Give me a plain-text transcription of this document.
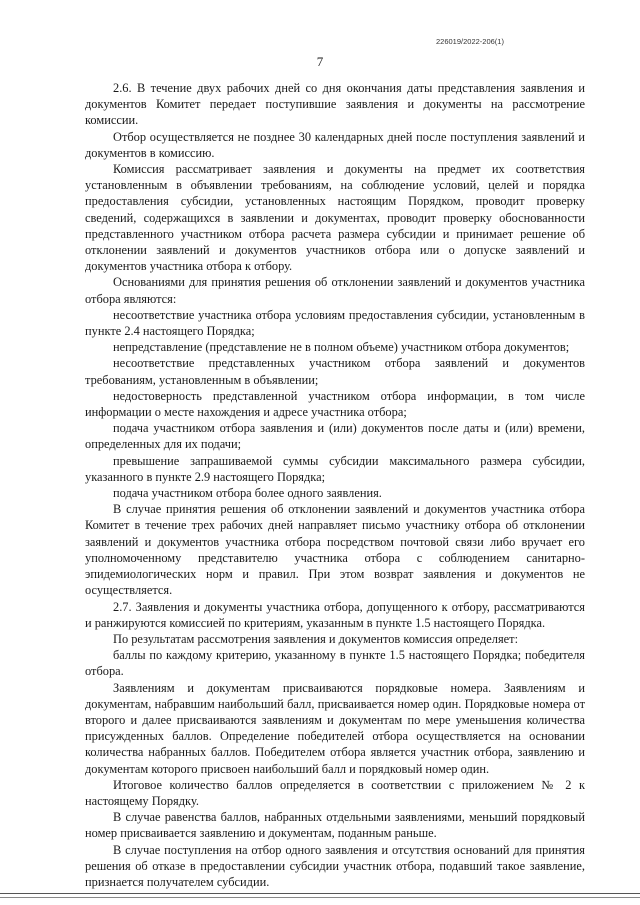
226019/2022-206(1)
7

2.6. В течение двух рабочих дней со дня окончания даты представления заявления и документов Комитет передает поступившие заявления и документы на рассмотрение комиссии.

Отбор осуществляется не позднее 30 календарных дней после поступления заявлений и документов в комиссию.

Комиссия рассматривает заявления и документы на предмет их соответствия установленным в объявлении требованиям, на соблюдение условий, целей и порядка предоставления субсидии, установленных настоящим Порядком, проводит проверку сведений, содержащихся в заявлении и документах, проводит проверку обоснованности представленного участником отбора расчета размера субсидии и принимает решение об отклонении заявлений и документов участников отбора или о допуске заявлений и документов участника отбора к отбору.

Основаниями для принятия решения об отклонении заявлений и документов участника отбора являются:

несоответствие участника отбора условиям предоставления субсидии, установленным в пункте 2.4 настоящего Порядка;

непредставление (представление не в полном объеме) участником отбора документов;

несоответствие представленных участником отбора заявлений и документов требованиям, установленным в объявлении;

недостоверность представленной участником отбора информации, в том числе информации о месте нахождения и адресе участника отбора;

подача участником отбора заявления и (или) документов после даты и (или) времени, определенных для их подачи;

превышение запрашиваемой суммы субсидии максимального размера субсидии, указанного в пункте 2.9 настоящего Порядка;

подача участником отбора более одного заявления.

В случае принятия решения об отклонении заявлений и документов участника отбора Комитет в течение трех рабочих дней направляет письмо участнику отбора об отклонении заявлений и документов участника отбора посредством почтовой связи либо вручает его уполномоченному представителю участника отбора с соблюдением санитарно-эпидемиологических норм и правил. При этом возврат заявления и документов не осуществляется.

2.7. Заявления и документы участника отбора, допущенного к отбору, рассматриваются и ранжируются комиссией по критериям, указанным в пункте 1.5 настоящего Порядка.

По результатам рассмотрения заявления и документов комиссия определяет:

баллы по каждому критерию, указанному в пункте 1.5 настоящего Порядка; победителя отбора.

Заявлениям и документам присваиваются порядковые номера. Заявлениям и документам, набравшим наибольший балл, присваивается номер один. Порядковые номера от второго и далее присваиваются заявлениям и документам по мере уменьшения количества присужденных баллов. Определение победителей отбора осуществляется на основании количества набранных баллов. Победителем отбора является участник отбора, заявлению и документам которого присвоен наибольший балл и порядковый номер один.

Итоговое количество баллов определяется в соответствии с приложением № 2 к настоящему Порядку.

В случае равенства баллов, набранных отдельными заявлениями, меньший порядковый номер присваивается заявлению и документам, поданным раньше.

В случае поступления на отбор одного заявления и отсутствия оснований для принятия решения об отказе в предоставлении субсидии участник отбора, подавший такое заявление, признается получателем субсидии.
